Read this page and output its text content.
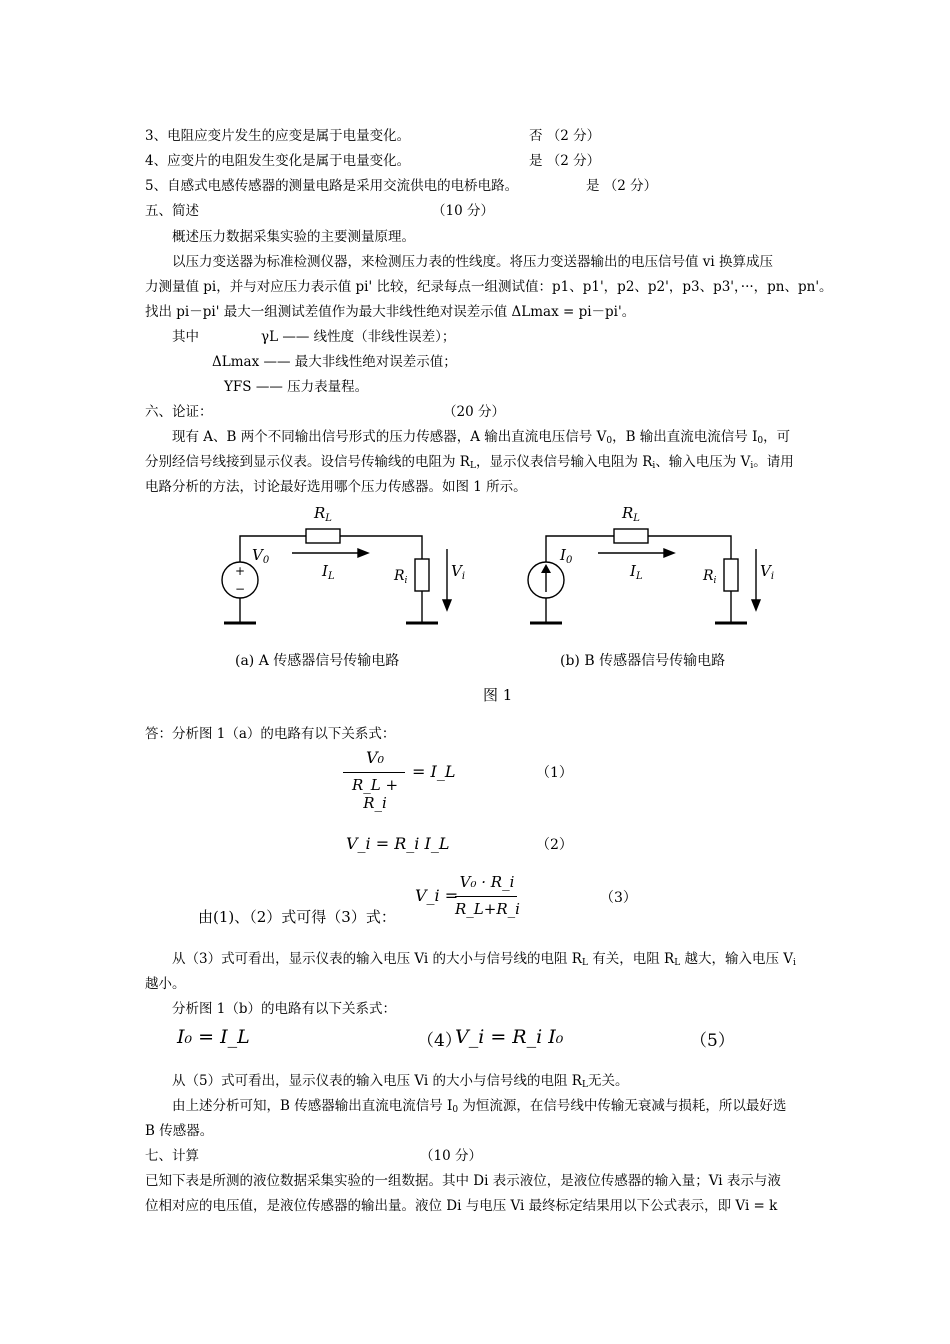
3、电阻应变片发生的应变是属于电量变化。	否 （2 分）
4、应变片的电阻发生变化是属于电量变化。	是 （2 分）
5、自感式电感传感器的测量电路是采用交流供电的电桥电路。	是 （2 分）
五、简述	（10 分）
概述压力数据采集实验的主要测量原理。
以压力变送器为标准检测仪器，来检测压力表的性线度。将压力变送器输出的电压信号值 vi 换算成压
力测量值 pi，并与对应压力表示值 pi' 比较，纪录每点一组测试值：p1、p1'，p2、p2'，p3、p3'，···，pn、pn'。
找出 pi－pi' 最大一组测试差值作为最大非线性绝对误差示值 ΔLmax = pi－pi'。
其中	γL —— 线性度（非线性误差）；
ΔLmax —— 最大非线性绝对误差示值；
YFS —— 压力表量程。
六、论证：	（20 分）
现有 A、B 两个不同输出信号形式的压力传感器，A 输出直流电压信号 $V_0$，B 输出直流电流信号 $I_0$，可
分别经信号线接到显示仪表。设信号传输线的电阻为 $R_L$，显示仪表信号输入电阻为 $R_i$、输入电压为 $V_i$。请用
电路分析的方法，讨论最好选用哪个压力传感器。如图 1 所示。
+
−
$R_L$
$V_0$
$I_L$	$R_i$
$V_i$
$R_L$
$I_0$
$I_L$	$R_i$
$V_i$
(a) A 传感器信号传输电路	(b) B 传感器信号传输电路
图 1
答：分析图 1（a）的电路有以下关系式：
V₀
R_L + R_i
= I_L	（1）
V_i = R_i I_L	（2）
由(1)、（2）式可得（3）式：
V_i =
V₀ · R_i
R_L+R_i
（3）
从（3）式可看出，显示仪表的输入电压 Vi 的大小与信号线的电阻 $R_L$ 有关，电阻 $R_L$ 越大，输入电压 $V_i$
越小。
分析图 1（b）的电路有以下关系式：
I₀ = I_L	（4）
V_i = R_i I₀	（5）
从（5）式可看出，显示仪表的输入电压 Vi 的大小与信号线的电阻 $R_L$无关。
由上述分析可知，B 传感器输出直流电流信号 $I_0$ 为恒流源，在信号线中传输无衰减与损耗，所以最好选
B 传感器。
七、计算	（10 分）
已知下表是所测的液位数据采集实验的一组数据。其中 Di 表示液位，是液位传感器的输入量；Vi 表示与液
位相对应的电压值，是液位传感器的输出量。液位 Di 与电压 Vi 最终标定结果用以下公式表示，即 Vi = k
